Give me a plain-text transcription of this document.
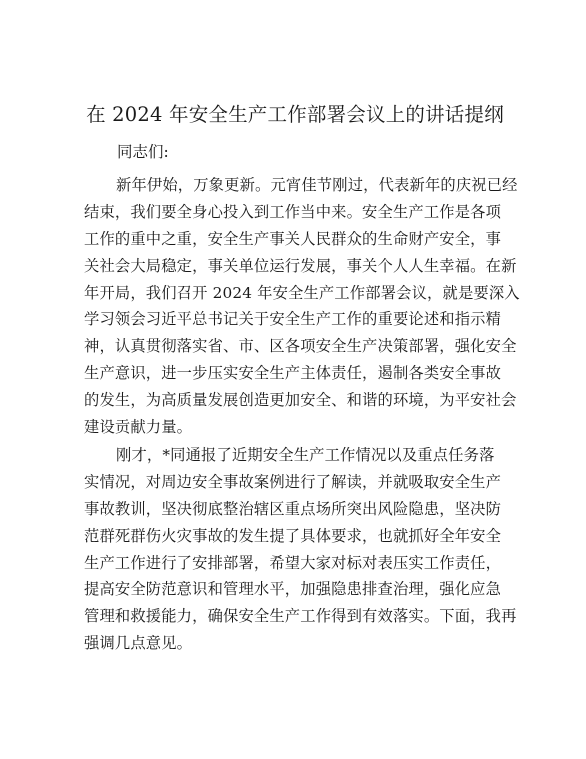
在 2024 年安全生产工作部署会议上的讲话提纲

同志们:

新年伊始，万象更新。元宵佳节刚过，代表新年的庆祝已经
结束，我们要全身心投入到工作当中来。安全生产工作是各项
工作的重中之重，安全生产事关人民群众的生命财产安全，事
关社会大局稳定，事关单位运行发展，事关个人人生幸福。在新
年开局，我们召开 2024 年安全生产工作部署会议，就是要深入
学习领会习近平总书记关于安全生产工作的重要论述和指示精
神，认真贯彻落实省、市、区各项安全生产决策部署，强化安全
生产意识，进一步压实安全生产主体责任，遏制各类安全事故
的发生，为高质量发展创造更加安全、和谐的环境，为平安社会
建设贡献力量。
刚才，*同通报了近期安全生产工作情况以及重点任务落
实情况，对周边安全事故案例进行了解读，并就吸取安全生产
事故教训，坚决彻底整治辖区重点场所突出风险隐患，坚决防
范群死群伤火灾事故的发生提了具体要求，也就抓好全年安全
生产工作进行了安排部署，希望大家对标对表压实工作责任，
提高安全防范意识和管理水平，加强隐患排查治理，强化应急
管理和救援能力，确保安全生产工作得到有效落实。下面，我再
强调几点意见。
